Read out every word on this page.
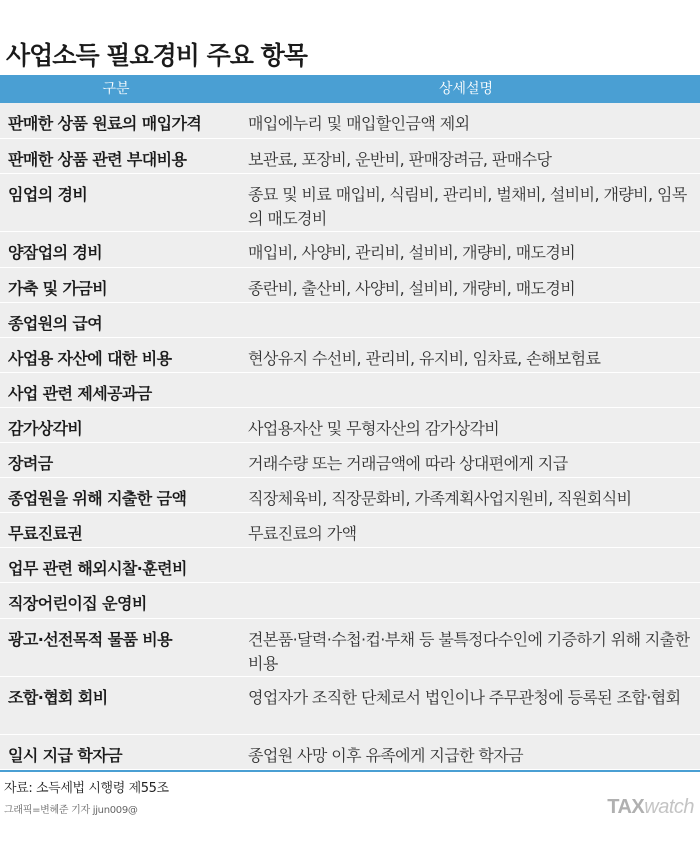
사업소득 필요경비 주요 항목
구분	상세설명
판매한 상품 원료의 매입가격	매입에누리 및 매입할인금액 제외
판매한 상품 관련 부대비용	보관료, 포장비, 운반비, 판매장려금, 판매수당
임업의 경비	종묘 및 비료 매입비, 식림비, 관리비, 벌채비, 설비비, 개량비, 임목의 매도경비
양잠업의 경비	매입비, 사양비, 관리비, 설비비, 개량비, 매도경비
가축 및 가금비	종란비, 출산비, 사양비, 설비비, 개량비, 매도경비
종업원의 급여
사업용 자산에 대한 비용	현상유지 수선비, 관리비, 유지비, 임차료, 손해보험료
사업 관련 제세공과금
감가상각비	사업용자산 및 무형자산의 감가상각비
장려금	거래수량 또는 거래금액에 따라 상대편에게 지급
종업원을 위해 지출한 금액	직장체육비, 직장문화비, 가족계획사업지원비, 직원회식비
무료진료권	무료진료의 가액
업무 관련 해외시찰·훈련비
직장어린이집 운영비
광고·선전목적 물품 비용	견본품·달력·수첩·컵·부채 등 불특정다수인에 기증하기 위해 지출한 비용
조합·협회 회비	영업자가 조직한 단체로서 법인이나 주무관청에 등록된 조합·협회
일시 지급 학자금	종업원 사망 이후 유족에게 지급한 학자금
자료: 소득세법 시행령 제55조
그래픽=변혜준 기자 jjun009@	TAXwatch
